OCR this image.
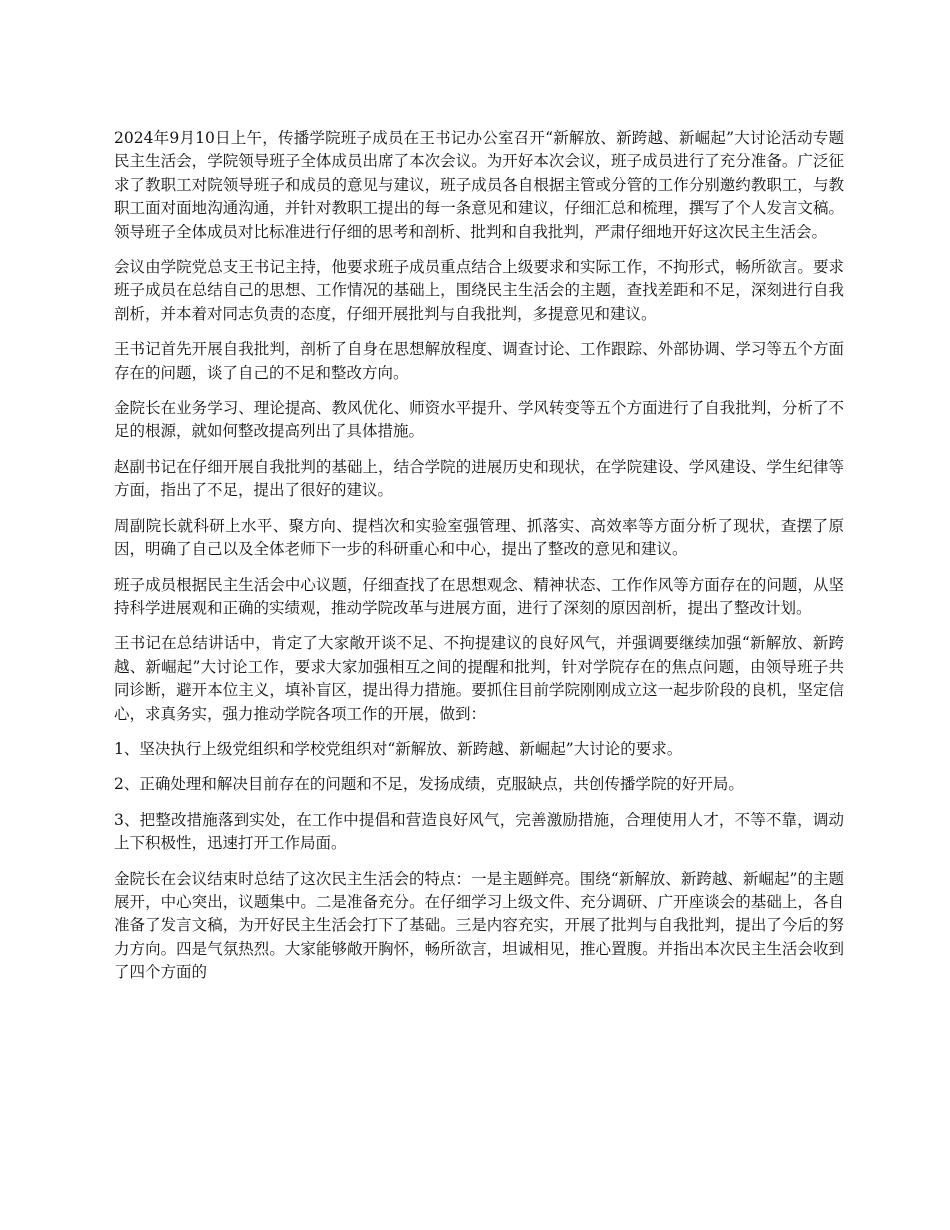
2024年9月10日上午，传播学院班子成员在王书记办公室召开“新解放、新跨越、新崛起”大讨论活动专题民主生活会，学院领导班子全体成员出席了本次会议。为开好本次会议，班子成员进行了充分准备。广泛征求了教职工对院领导班子和成员的意见与建议，班子成员各自根据主管或分管的工作分别邀约教职工，与教职工面对面地沟通沟通，并针对教职工提出的每一条意见和建议，仔细汇总和梳理，撰写了个人发言文稿。领导班子全体成员对比标准进行仔细的思考和剖析、批判和自我批判，严肃仔细地开好这次民主生活会。

会议由学院党总支王书记主持，他要求班子成员重点结合上级要求和实际工作，不拘形式，畅所欲言。要求班子成员在总结自己的思想、工作情况的基础上，围绕民主生活会的主题，查找差距和不足，深刻进行自我剖析，并本着对同志负责的态度，仔细开展批判与自我批判，多提意见和建议。

王书记首先开展自我批判，剖析了自身在思想解放程度、调查讨论、工作跟踪、外部协调、学习等五个方面存在的问题，谈了自己的不足和整改方向。

金院长在业务学习、理论提高、教风优化、师资水平提升、学风转变等五个方面进行了自我批判，分析了不足的根源，就如何整改提高列出了具体措施。

赵副书记在仔细开展自我批判的基础上，结合学院的进展历史和现状，在学院建设、学风建设、学生纪律等方面，指出了不足，提出了很好的建议。

周副院长就科研上水平、聚方向、提档次和实验室强管理、抓落实、高效率等方面分析了现状，查摆了原因，明确了自己以及全体老师下一步的科研重心和中心，提出了整改的意见和建议。

班子成员根据民主生活会中心议题，仔细查找了在思想观念、精神状态、工作作风等方面存在的问题，从坚持科学进展观和正确的实绩观，推动学院改革与进展方面，进行了深刻的原因剖析，提出了整改计划。

王书记在总结讲话中，肯定了大家敞开谈不足、不拘提建议的良好风气，并强调要继续加强“新解放、新跨越、新崛起”大讨论工作，要求大家加强相互之间的提醒和批判，针对学院存在的焦点问题，由领导班子共同诊断，避开本位主义，填补盲区，提出得力措施。要抓住目前学院刚刚成立这一起步阶段的良机，坚定信心，求真务实，强力推动学院各项工作的开展，做到：

1、坚决执行上级党组织和学校党组织对“新解放、新跨越、新崛起”大讨论的要求。

2、正确处理和解决目前存在的问题和不足，发扬成绩，克服缺点，共创传播学院的好开局。

3、把整改措施落到实处，在工作中提倡和营造良好风气，完善激励措施，合理使用人才，不等不靠，调动上下积极性，迅速打开工作局面。

金院长在会议结束时总结了这次民主生活会的特点：一是主题鲜亮。围绕“新解放、新跨越、新崛起”的主题展开，中心突出，议题集中。二是准备充分。在仔细学习上级文件、充分调研、广开座谈会的基础上，各自准备了发言文稿，为开好民主生活会打下了基础。三是内容充实，开展了批判与自我批判，提出了今后的努力方向。四是气氛热烈。大家能够敞开胸怀，畅所欲言，坦诚相见，推心置腹。并指出本次民主生活会收到了四个方面的
